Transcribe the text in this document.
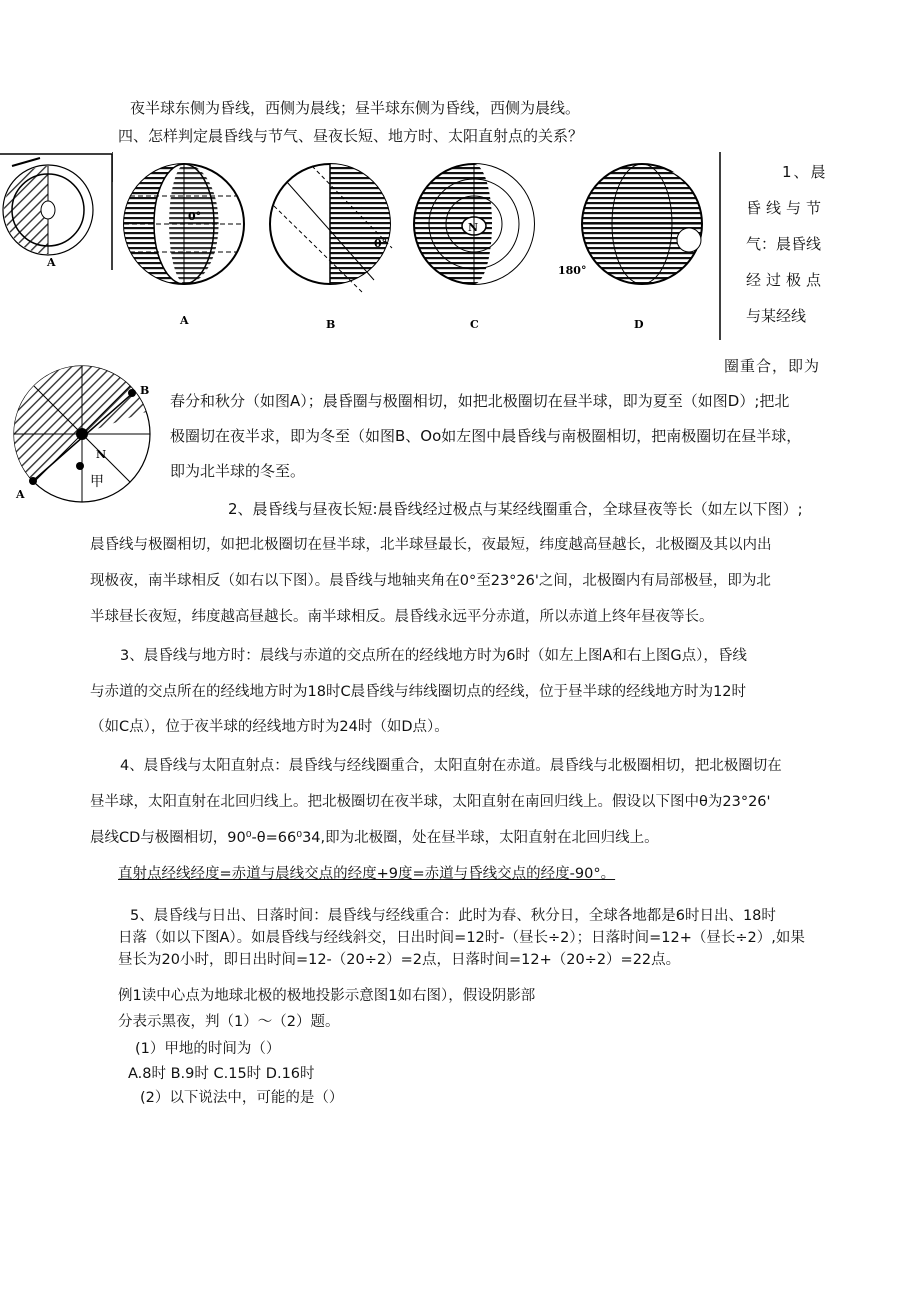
夜半球东侧为昏线，西侧为晨线；昼半球东侧为昏线，西侧为晨线。
四、怎样判定晨昏线与节气、昼夜长短、地方时、太阳直射点的关系？
A
0°
A
0°
B
N
C
180°
D
1、晨
昏线与节
气：晨昏线
经过极点
与某经线
B
A
N
甲
圈重合，即为
春分和秋分（如图A）；晨昏圈与极圈相切，如把北极圈切在昼半球，即为夏至（如图D）;把北
极圈切在夜半求，即为冬至（如图B、Oo如左图中晨昏线与南极圈相切，把南极圈切在昼半球，
即为北半球的冬至。
2、晨昏线与昼夜长短:晨昏线经过极点与某经线圈重合，全球昼夜等长（如左以下图）;
晨昏线与极圈相切，如把北极圈切在昼半球，北半球昼最长，夜最短，纬度越高昼越长，北极圈及其以内出
现极夜，南半球相反（如右以下图）。晨昏线与地轴夹角在0°至23°26'之间，北极圈内有局部极昼，即为北
半球昼长夜短，纬度越高昼越长。南半球相反。晨昏线永远平分赤道，所以赤道上终年昼夜等长。
3、晨昏线与地方时：晨线与赤道的交点所在的经线地方时为6时（如左上图A和右上图G点），昏线
与赤道的交点所在的经线地方时为18时C晨昏线与纬线圈切点的经线，位于昼半球的经线地方时为12时
（如C点），位于夜半球的经线地方时为24时（如D点）。
4、晨昏线与太阳直射点：晨昏线与经线圈重合，太阳直射在赤道。晨昏线与北极圈相切，把北极圈切在
昼半球，太阳直射在北回归线上。把北极圈切在夜半球，太阳直射在南回归线上。假设以下图中θ为23°26'
晨线CD与极圈相切，90⁰-θ=66⁰34,即为北极圈，处在昼半球，太阳直射在北回归线上。
直射点经线经度=赤道与晨线交点的经度+9度=赤道与昏线交点的经度-90°。
5、晨昏线与日出、日落时间：晨昏线与经线重合：此时为春、秋分日，全球各地都是6时日出、18时
日落（如以下图A）。如晨昏线与经线斜交，日出时间=12时-（昼长÷2）；日落时间=12+（昼长÷2）,如果
昼长为20小时，即日出时间=12-（20÷2）=2点，日落时间=12+（20÷2）=22点。
例1读中心点为地球北极的极地投影示意图1如右图），假设阴影部
分表示黑夜，判（1）〜（2）题。
(1）甲地的时间为（）
A.8时 B.9时 C.15时 D.16时
(2）以下说法中，可能的是（）
